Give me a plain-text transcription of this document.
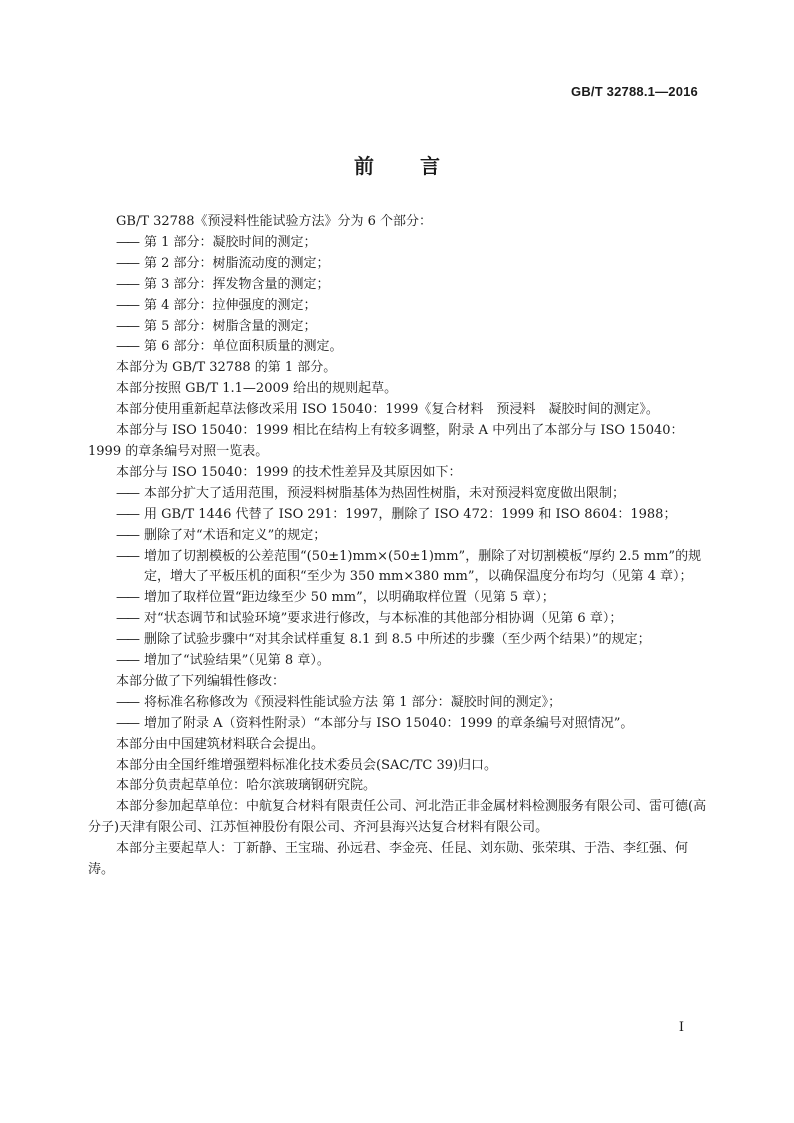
GB/T 32788.1—2016
前言

GB/T 32788《预浸料性能试验方法》分为 6 个部分：

—— 第 1 部分：凝胶时间的测定；

—— 第 2 部分：树脂流动度的测定；

—— 第 3 部分：挥发物含量的测定；

—— 第 4 部分：拉伸强度的测定；

—— 第 5 部分：树脂含量的测定；

—— 第 6 部分：单位面积质量的测定。

本部分为 GB/T 32788 的第 1 部分。

本部分按照 GB/T 1.1—2009 给出的规则起草。

本部分使用重新起草法修改采用 ISO 15040：1999《复合材料　预浸料　凝胶时间的测定》。

本部分与 ISO 15040：1999 相比在结构上有较多调整，附录 A 中列出了本部分与 ISO 15040：1999 的章条编号对照一览表。

本部分与 ISO 15040：1999 的技术性差异及其原因如下：

—— 本部分扩大了适用范围，预浸料树脂基体为热固性树脂，未对预浸料宽度做出限制；

—— 用 GB/T 1446 代替了 ISO 291：1997，删除了 ISO 472：1999 和 ISO 8604：1988；

—— 删除了对“术语和定义”的规定；

—— 增加了切割模板的公差范围“(50±1)mm×(50±1)mm”，删除了对切割模板“厚约 2.5 mm”的规定，增大了平板压机的面积“至少为 350 mm×380 mm”，以确保温度分布均匀（见第 4 章）；

—— 增加了取样位置“距边缘至少 50 mm”，以明确取样位置（见第 5 章）；

—— 对“状态调节和试验环境”要求进行修改，与本标准的其他部分相协调（见第 6 章）；

—— 删除了试验步骤中“对其余试样重复 8.1 到 8.5 中所述的步骤（至少两个结果）”的规定；

—— 增加了“试验结果”（见第 8 章）。

本部分做了下列编辑性修改：

—— 将标准名称修改为《预浸料性能试验方法 第 1 部分：凝胶时间的测定》；

—— 增加了附录 A（资料性附录）“本部分与 ISO 15040：1999 的章条编号对照情况”。

本部分由中国建筑材料联合会提出。

本部分由全国纤维增强塑料标准化技术委员会(SAC/TC 39)归口。

本部分负责起草单位：哈尔滨玻璃钢研究院。

本部分参加起草单位：中航复合材料有限责任公司、河北浩正非金属材料检测服务有限公司、雷可德(高分子)天津有限公司、江苏恒神股份有限公司、齐河县海兴达复合材料有限公司。

本部分主要起草人：丁新静、王宝瑞、孙远君、李金亮、任昆、刘东勋、张荣琪、于浩、李红强、何涛。

I
